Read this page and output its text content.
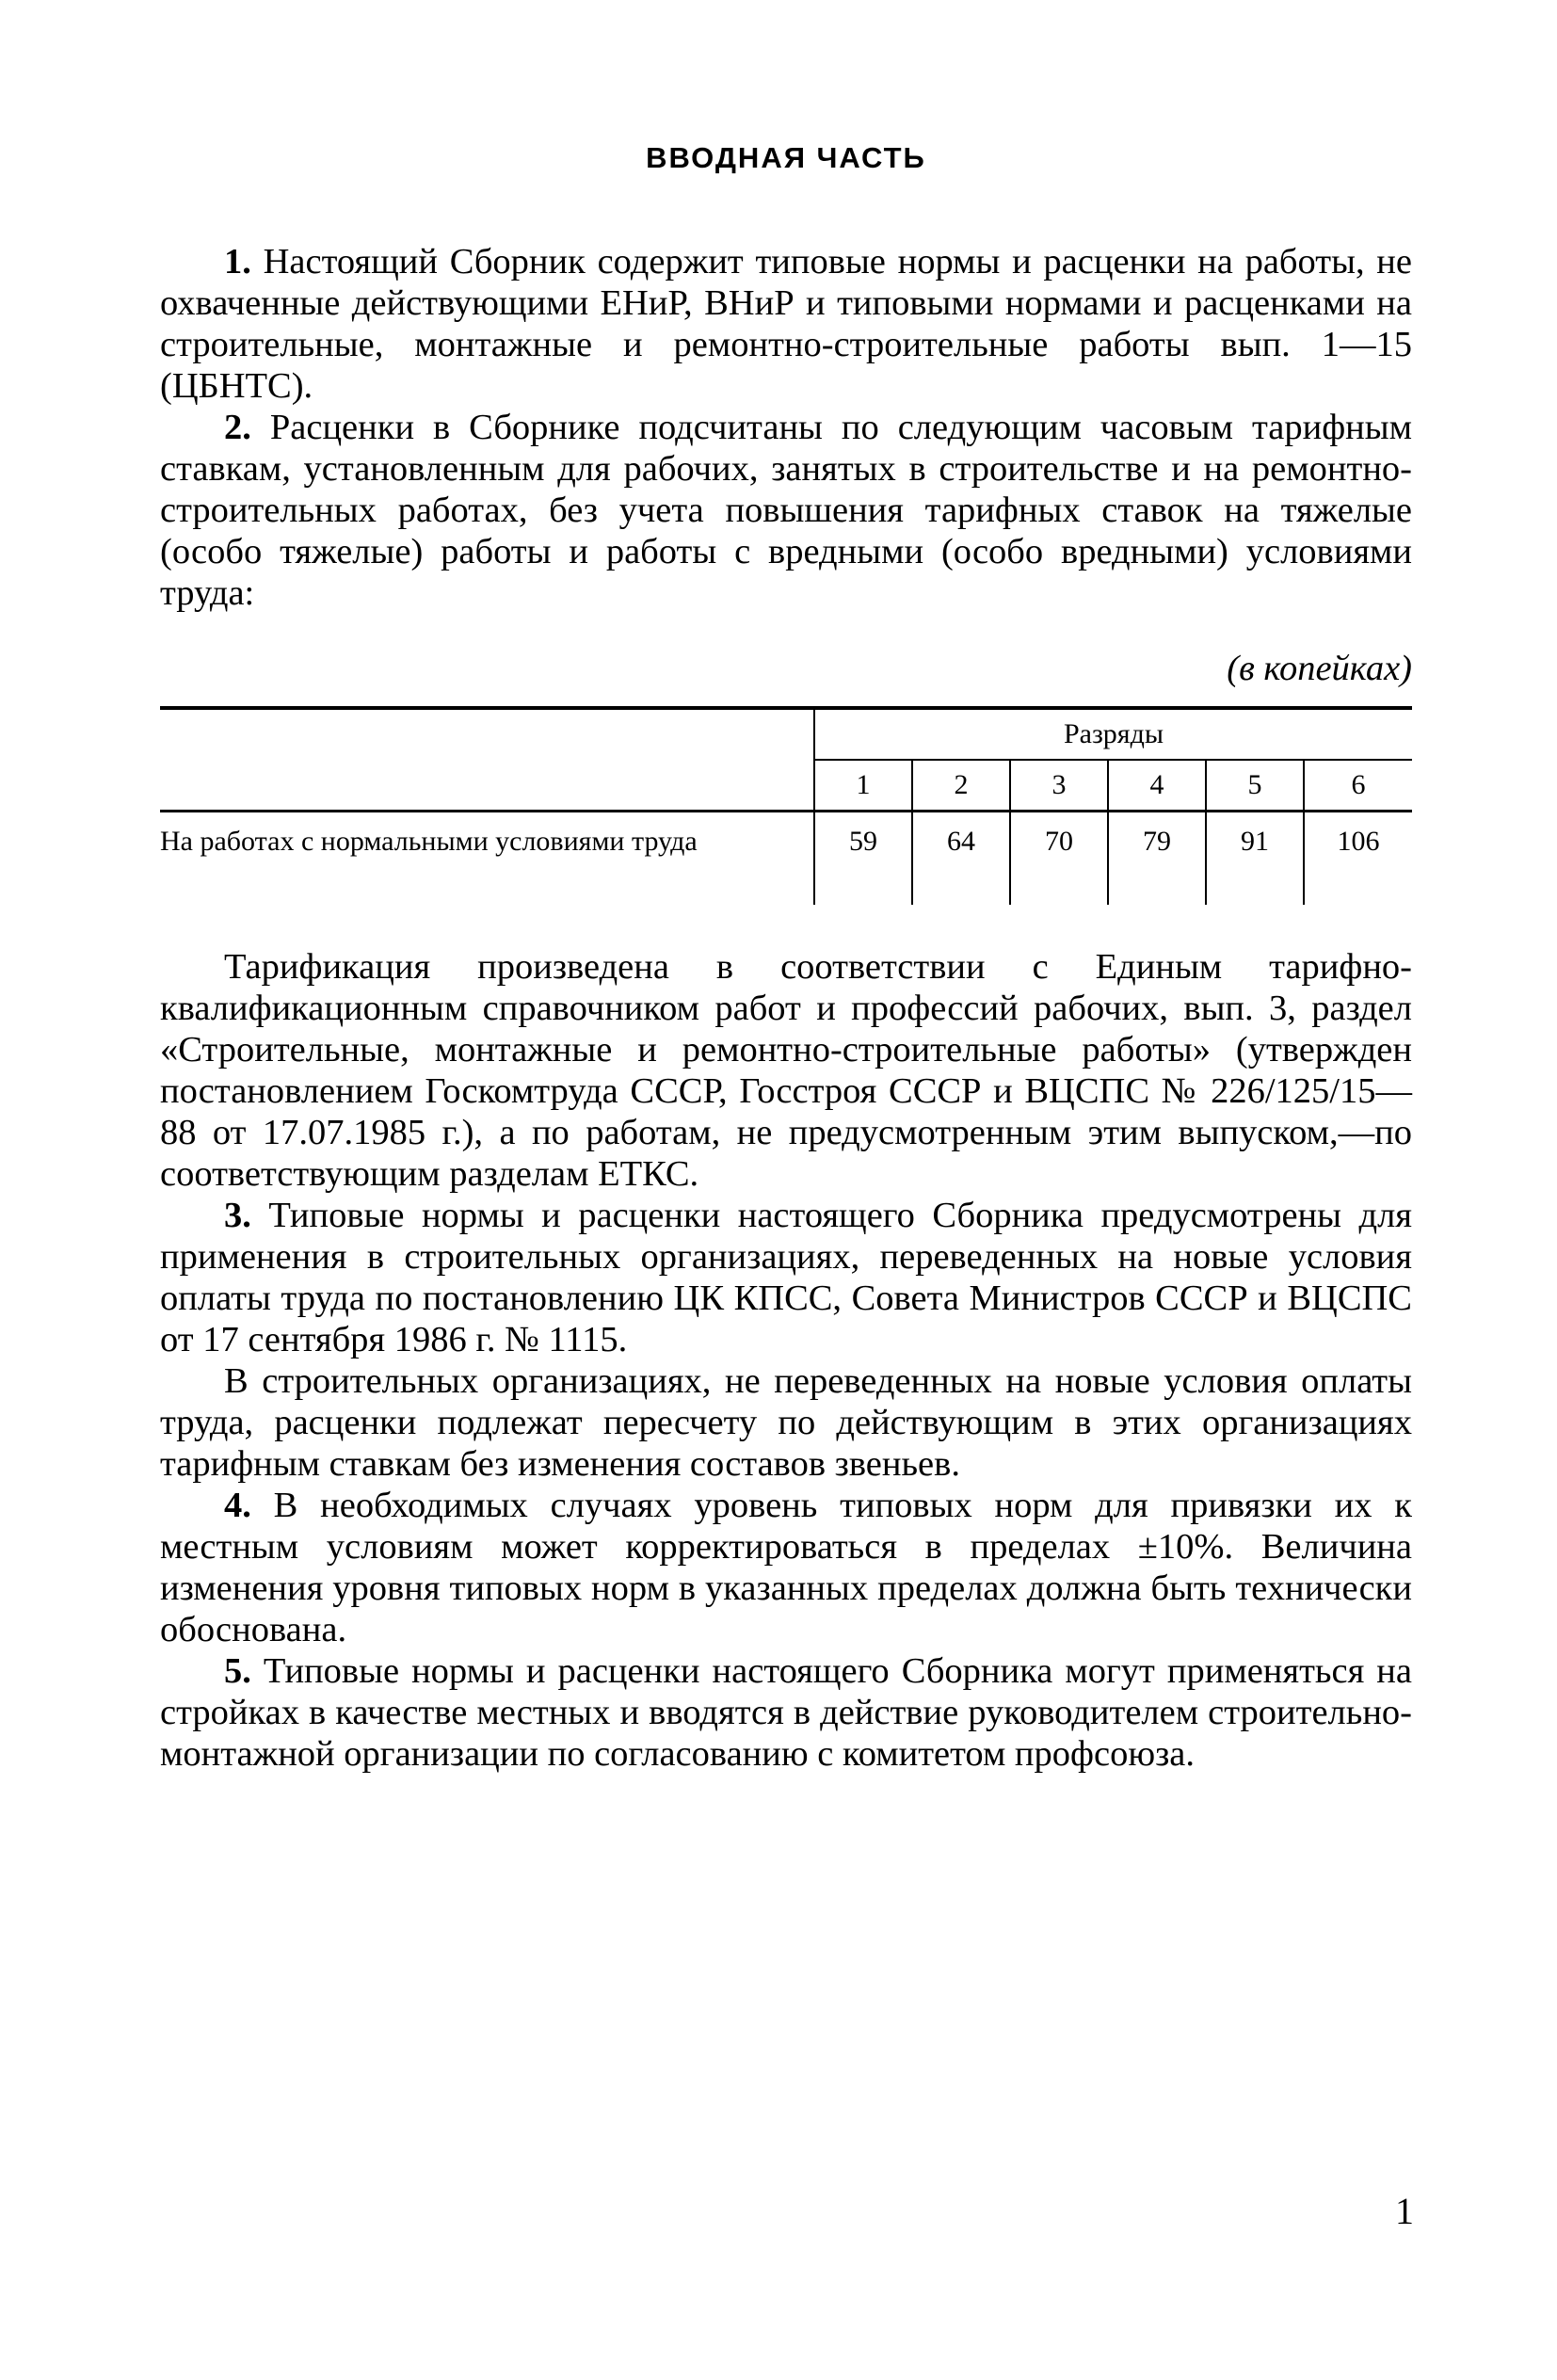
ВВОДНАЯ ЧАСТЬ

1. Настоящий Сборник содержит типовые нормы и расценки на работы, не охваченные действующими ЕНиР, ВНиР и типовыми нормами и расценками на строительные, монтажные и ремонтно-строительные работы вып. 1—15 (ЦБНТС).

2. Расценки в Сборнике подсчитаны по следующим часовым тарифным ставкам, установленным для рабочих, занятых в строительстве и на ремонтно-строительных работах, без учета повышения тарифных ставок на тяжелые (особо тяжелые) работы и работы с вредными (особо вредными) условиями труда:

(в копейках)
	Разряды					
	1	2	3	4	5	6
На работах с нормальными условиями труда	59	64	70	79	91	106

Тарификация произведена в соответствии с Единым тарифно-квалификационным справочником работ и профессий рабочих, вып. 3, раздел «Строительные, монтажные и ремонтно-строительные работы» (утвержден постановлением Госкомтруда СССР, Госстроя СССР и ВЦСПС № 226/125/15—88 от 17.07.1985 г.), а по работам, не предусмотренным этим выпуском,—по соответствующим разделам ЕТКС.

3. Типовые нормы и расценки настоящего Сборника предусмотрены для применения в строительных организациях, переведенных на новые условия оплаты труда по постановлению ЦК КПСС, Совета Министров СССР и ВЦСПС от 17 сентября 1986 г. № 1115.

В строительных организациях, не переведенных на новые условия оплаты труда, расценки подлежат пересчету по действующим в этих организациях тарифным ставкам без изменения составов звеньев.

4. В необходимых случаях уровень типовых норм для привязки их к местным условиям может корректироваться в пределах ±10%. Величина изменения уровня типовых норм в указанных пределах должна быть технически обоснована.

5. Типовые нормы и расценки настоящего Сборника могут применяться на стройках в качестве местных и вводятся в действие руководителем строительно-монтажной организации по согласованию с комитетом профсоюза.

1
